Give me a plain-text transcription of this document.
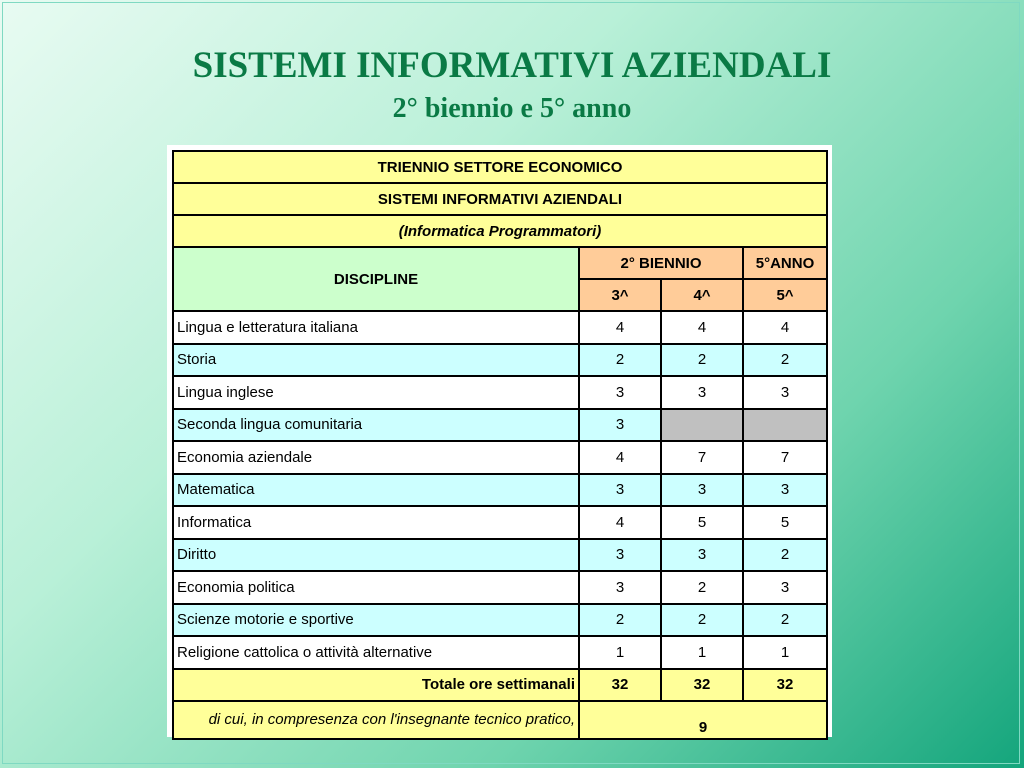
SISTEMI INFORMATIVI AZIENDALI
2° biennio e 5° anno
TRIENNIO SETTORE ECONOMICO			
SISTEMI INFORMATIVI AZIENDALI			
(Informatica Programmatori)			
DISCIPLINE	2° BIENNIO		5°ANNO
	3^	4^	5^
Lingua e letteratura italiana	4	4	4
Storia	2	2	2
Lingua inglese	3	3	3
Seconda lingua comunitaria	3		
Economia aziendale	4	7	7
Matematica	3	3	3
Informatica	4	5	5
Diritto	3	3	2
Economia politica	3	2	3
Scienze motorie e sportive	2	2	2
Religione cattolica o attività alternative	1	1	1
Totale ore settimanali	32	32	32
di cui, in compresenza con l'insegnante tecnico pratico,	9		
